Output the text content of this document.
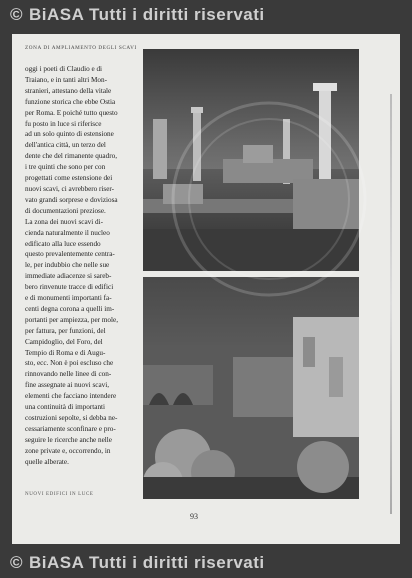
© BiASA Tutti i diritti riservati
ZONA DI AMPLIAMENTO DEGLI SCAVI

oggi i poeti di Claudio e di

Traiano, e in tanti altri Mon-

stranieri, attestano della vitale

funzione storica che ebbe Ostia

per Roma. E poiché tutto questo

fu posto in luce si riferisce

ad un solo quinto di estensione

dell'antica città, un terzo del

dente che del rimanente quadro,

i tre quinti che sono per con

progettati come estensione dei

nuovi scavi, ci avrebbero riser-

vato grandi sorprese e doviziosa

di documentazioni preziose.

La zona dei nuovi scavi di-

cienda naturalmente il nucleo

edificato alla luce essendo

questo prevalentemente centra-

le, per indubbio che nelle sue

immediate adiacenze si sareb-

bero rinvenute tracce di edifici

e di monumenti importanti fa-

centi degna corona a quelli im-

portanti per ampiezza, per mole,

per fattura, per funzioni, del

Campidoglio, del Foro, del

Tempio di Roma e di Augu-

sto, ecc. Non è poi escluso che

rinnovando nelle linee di con-

fine assegnate ai nuovi scavi,

elementi che facciano intendere

una continuità di importanti

costruzioni sepolte, si debba ne-

cessariamente sconfinare e pro-

seguire le ricerche anche nelle

zone private e, occorrendo, in

quelle alberate.

NUOVI EDIFICI IN LUCE
93
© BiASA Tutti i diritti riservati
